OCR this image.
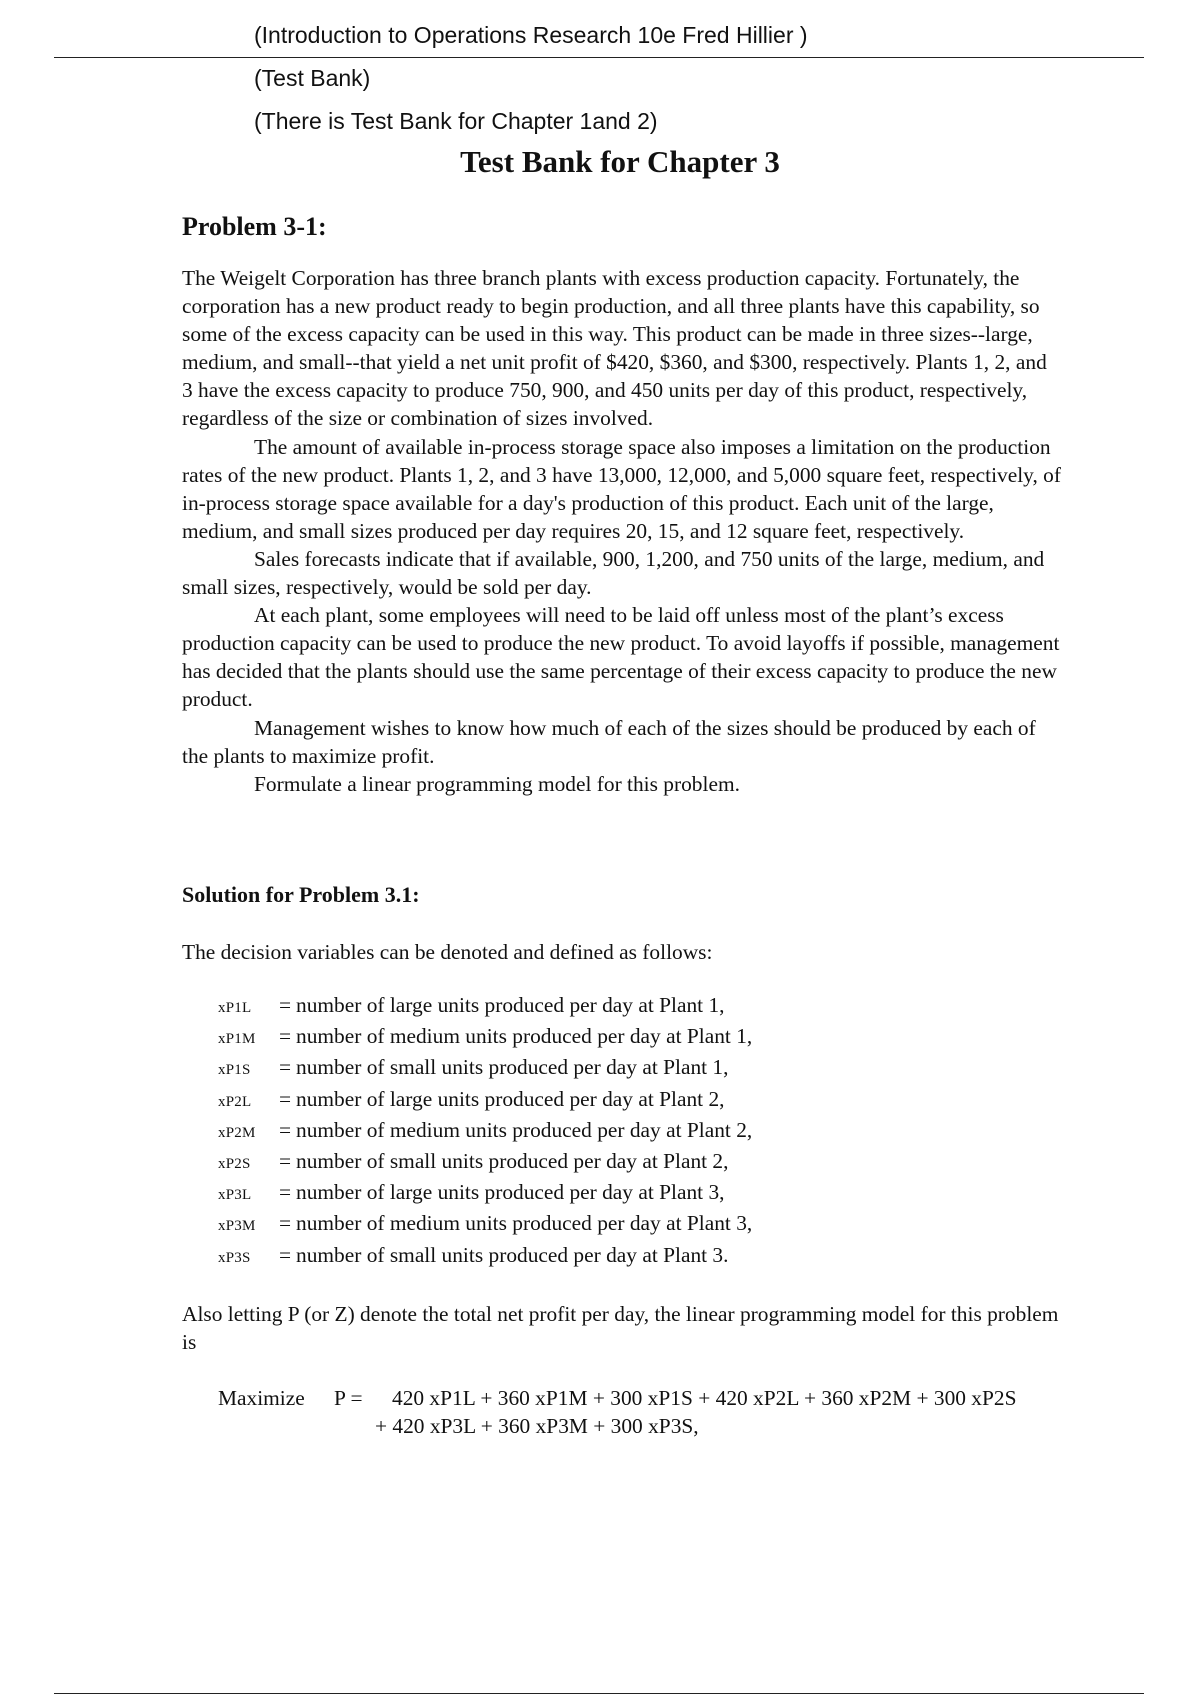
(Introduction to Operations Research 10e Fred Hillier )
(Test Bank)
(There is Test Bank for Chapter 1and 2)
Test Bank for Chapter 3
Problem 3-1:

The Weigelt Corporation has three branch plants with excess production capacity. Fortunately, the corporation has a new product ready to begin production, and all three plants have this capability, so some of the excess capacity can be used in this way. This product can be made in three sizes--large, medium, and small--that yield a net unit profit of $420, $360, and $300, respectively. Plants 1, 2, and 3 have the excess capacity to produce 750, 900, and 450 units per day of this product, respectively, regardless of the size or combination of sizes involved.

The amount of available in-process storage space also imposes a limitation on the production rates of the new product. Plants 1, 2, and 3 have 13,000, 12,000, and 5,000 square feet, respectively, of in-process storage space available for a day's production of this product. Each unit of the large, medium, and small sizes produced per day requires 20, 15, and 12 square feet, respectively.

Sales forecasts indicate that if available, 900, 1,200, and 750 units of the large, medium, and small sizes, respectively, would be sold per day.

At each plant, some employees will need to be laid off unless most of the plant’s excess production capacity can be used to produce the new product. To avoid layoffs if possible, management has decided that the plants should use the same percentage of their excess capacity to produce the new product.

Management wishes to know how much of each of the sizes should be produced by each of the plants to maximize profit.

Formulate a linear programming model for this problem.

Solution for Problem 3.1:
The decision variables can be denoted and defined as follows:
xP1L	= number of large units produced per day at Plant 1,
xP1M	= number of medium units produced per day at Plant 1,
xP1S	= number of small units produced per day at Plant 1,
xP2L	= number of large units produced per day at Plant 2,
xP2M	= number of medium units produced per day at Plant 2,
xP2S	= number of small units produced per day at Plant 2,
xP3L	= number of large units produced per day at Plant 3,
xP3M	= number of medium units produced per day at Plant 3,
xP3S	= number of small units produced per day at Plant 3.
Also letting P (or Z) denote the total net profit per day, the linear programming model for this problem is
Maximize	P =	420 xP1L + 360 xP1M + 300 xP1S + 420 xP2L + 360 xP2M + 300 xP2S
+ 420 xP3L + 360 xP3M + 300 xP3S,
